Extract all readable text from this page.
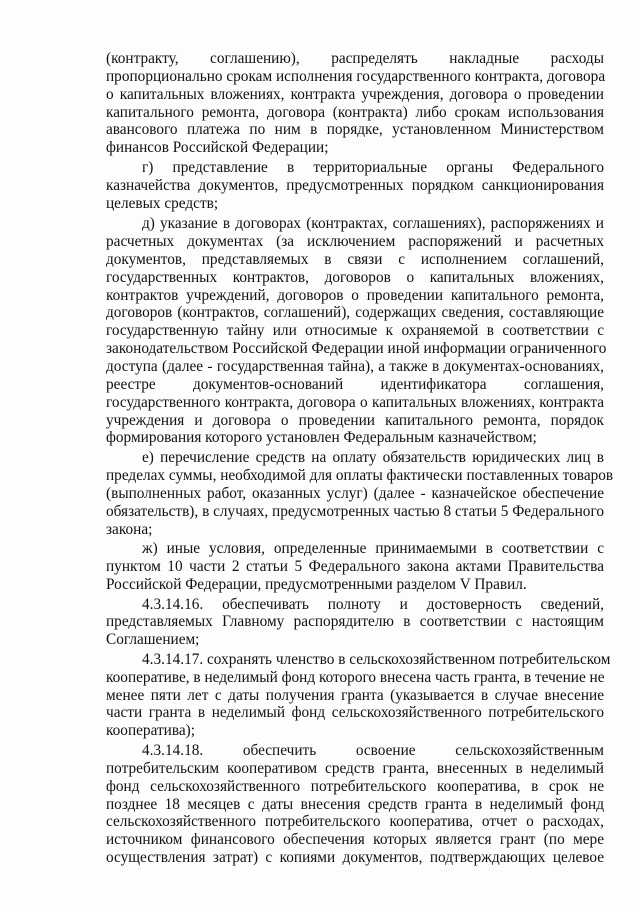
(контракту, соглашению), распределять накладные расходы
пропорционально срокам исполнения государственного контракта, договора
о капитальных вложениях, контракта учреждения, договора о проведении
капитального ремонта, договора (контракта) либо срокам использования
авансового платежа по ним в порядке, установленном Министерством
финансов Российской Федерации;
г) представление в территориальные органы Федерального
казначейства документов, предусмотренных порядком санкционирования
целевых средств;
д) указание в договорах (контрактах, соглашениях), распоряжениях и
расчетных документах (за исключением распоряжений и расчетных
документов, представляемых в связи с исполнением соглашений,
государственных контрактов, договоров о капитальных вложениях,
контрактов учреждений, договоров о проведении капитального ремонта,
договоров (контрактов, соглашений), содержащих сведения, составляющие
государственную тайну или относимые к охраняемой в соответствии с
законодательством Российской Федерации иной информации ограниченного
доступа (далее - государственная тайна), а также в документах-основаниях,
реестре документов-оснований идентификатора соглашения,
государственного контракта, договора о капитальных вложениях, контракта
учреждения и договора о проведении капитального ремонта, порядок
формирования которого установлен Федеральным казначейством;
е) перечисление средств на оплату обязательств юридических лиц в
пределах суммы, необходимой для оплаты фактически поставленных товаров
(выполненных работ, оказанных услуг) (далее - казначейское обеспечение
обязательств), в случаях, предусмотренных частью 8 статьи 5 Федерального
закона;
ж) иные условия, определенные принимаемыми в соответствии с
пунктом 10 части 2 статьи 5 Федерального закона актами Правительства
Российской Федерации, предусмотренными разделом V Правил.
4.3.14.16. обеспечивать полноту и достоверность сведений,
представляемых Главному распорядителю в соответствии с настоящим
Соглашением;
4.3.14.17. сохранять членство в сельскохозяйственном потребительском
кооперативе, в неделимый фонд которого внесена часть гранта, в течение не
менее пяти лет с даты получения гранта (указывается в случае внесение
части гранта в неделимый фонд сельскохозяйственного потребительского
кооператива);
4.3.14.18. обеспечить освоение сельскохозяйственным
потребительским кооперативом средств гранта, внесенных в неделимый
фонд сельскохозяйственного потребительского кооператива, в срок не
позднее 18 месяцев с даты внесения средств гранта в неделимый фонд
сельскохозяйственного потребительского кооператива, отчет о расходах,
источником финансового обеспечения которых является грант (по мере
осуществления затрат) с копиями документов, подтверждающих целевое
